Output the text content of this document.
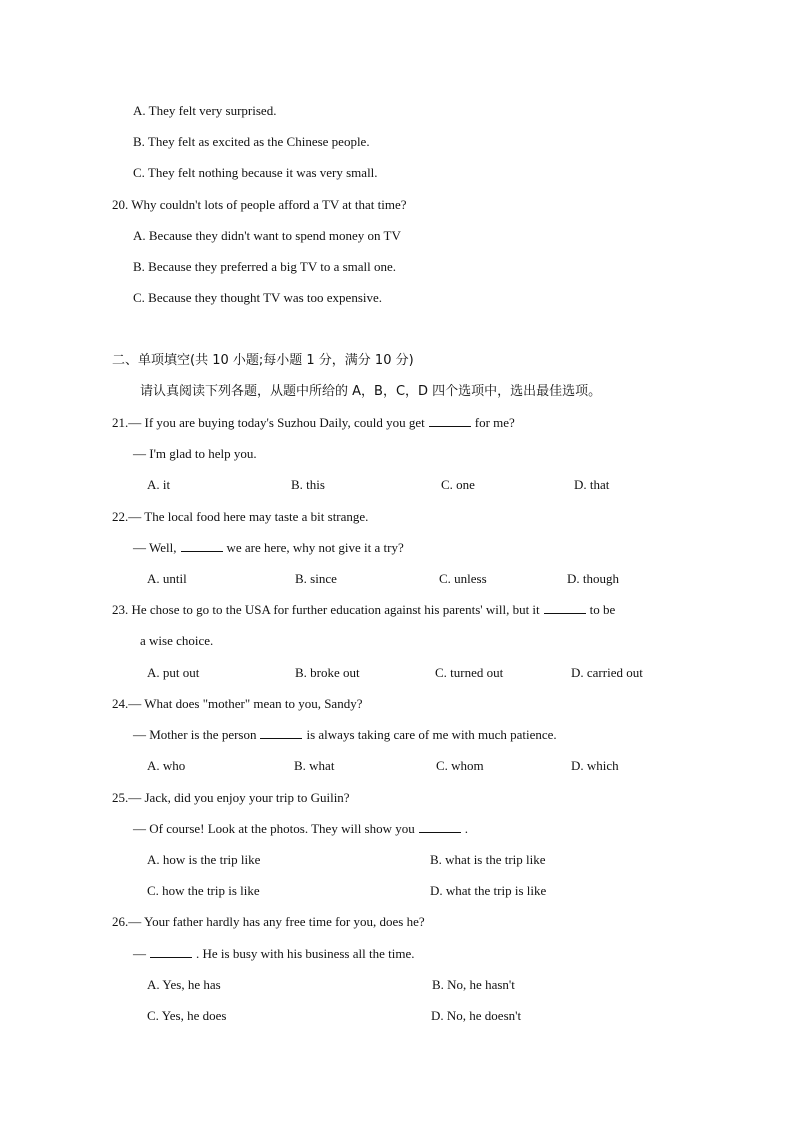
A. They felt very surprised.
B. They felt as excited as the Chinese people.
C. They felt nothing because it was very small.
20. Why couldn't lots of people afford a TV at that time?
A. Because they didn't want to spend money on TV
B. Because they preferred a big TV to a small one.
C. Because they thought TV was too expensive.
二、单项填空(共 10 小题;每小题 1 分，满分 10 分)
请认真阅读下列各题，从题中所给的 A，B，C，D 四个选项中，选出最佳选项。
21.— If you are buying today's Suzhou Daily, could you get	for me?
— I'm glad to help you.
A. it	B. this	C. one	D. that
22.— The local food here may taste a bit strange.
— Well,	we are here, why not give it a try?
A. until	B. since	C. unless	D. though
23. He chose to go to the USA for further education against his parents' will, but it	to be
a wise choice.
A. put out	B. broke out	C. turned out	D. carried out
24.— What does "mother" mean to you, Sandy?
— Mother is the person	is always taking care of me with much patience.
A. who	B. what	C. whom	D. which
25.— Jack, did you enjoy your trip to Guilin?
— Of course! Look at the photos. They will show you	.
A. how is the trip like	B. what is the trip like
C. how the trip is like	D. what the trip is like
26.— Your father hardly has any free time for you, does he?
—	. He is busy with his business all the time.
A. Yes, he has	B. No, he hasn't
C. Yes, he does	D. No, he doesn't
